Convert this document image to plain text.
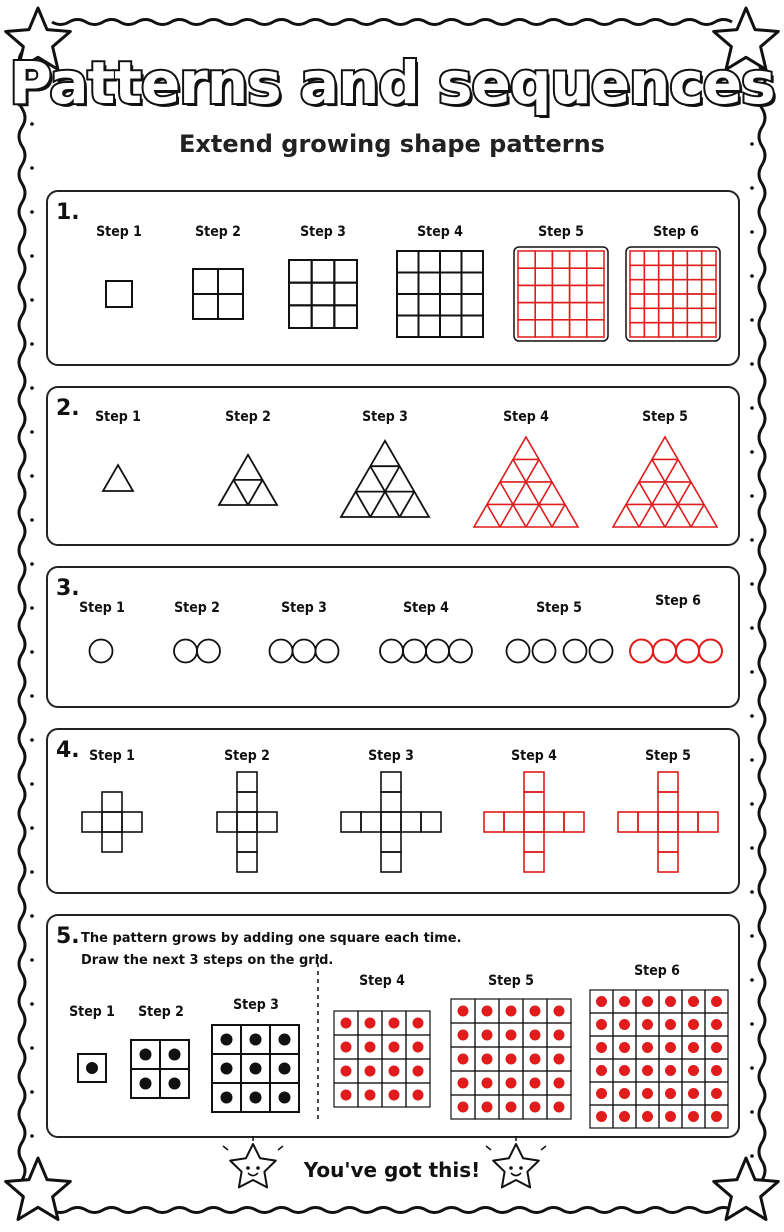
Patterns and sequences
Extend growing shape patterns
1.
2.
3.
4.
5.
Step 1	Step 2	Step 3	Step 4	Step 5	Step 6
Step 1	Step 2	Step 3	Step 4	Step 5
Step 1	Step 2	Step 3	Step 4	Step 5	Step 6
Step 1	Step 2	Step 3	Step 4	Step 5
The pattern grows by adding one square each time.
Draw the next 3 steps on the grid.
Step 1 Step 2	Step 3
Step 4	Step 5
Step 6
You've got this!
